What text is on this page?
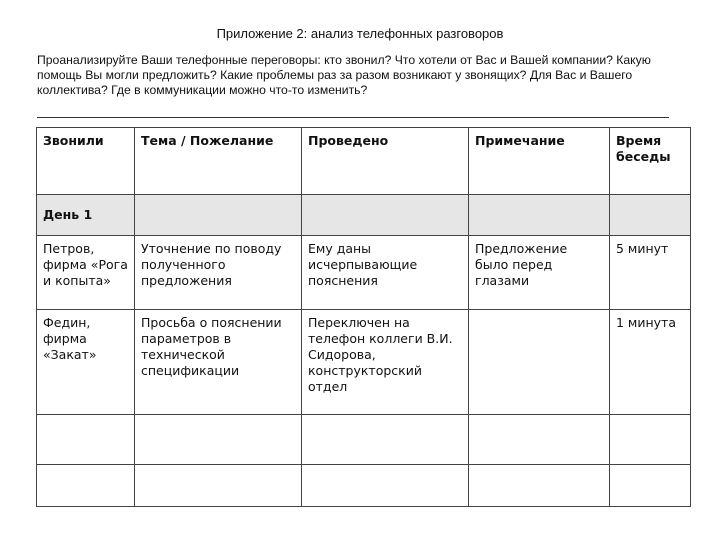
Приложение 2: анализ телефонных разговоров
Проанализируйте Ваши телефонные переговоры: кто звонил? Что хотели от Вас и Вашей компании? Какую помощь Вы могли предложить? Какие проблемы раз за разом возникают у звонящих? Для Вас и Вашего коллектива? Где в коммуникации можно что-то изменить?
Звонили	Тема / Пожелание	Проведено	Примечание	Время беседы
День 1				
Петров, фирма «Рога и копыта»	Уточнение по поводу полученного предложения	Ему даны исчерпывающие пояснения	Предложение было перед глазами	5 минут
Федин, фирма «Закат»	Просьба о пояснении параметров в технической спецификации	Переключен на телефон коллеги В.И. Сидорова, конструкторский отдел		1 минута
